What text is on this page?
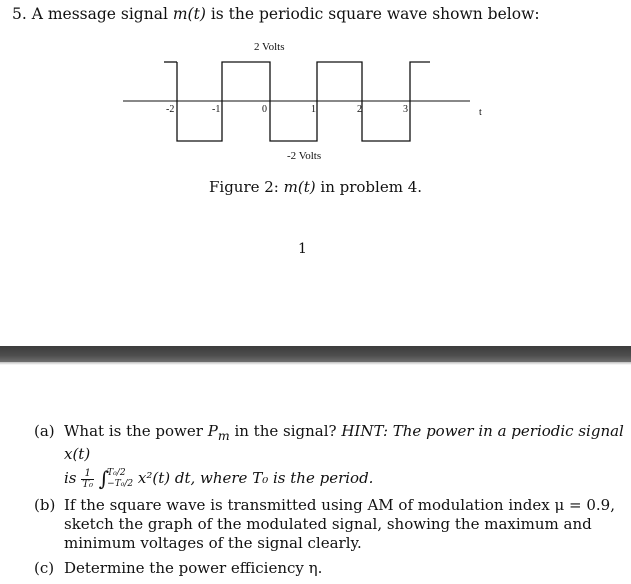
5. A message signal m(t) is the periodic square wave shown below:
-2	-1	0	1	2	3	t
2 Volts
-2 Volts
Figure 2: m(t) in problem 4.
1
(a) What is the power $P_m$ in the signal? HINT: The power in a periodic signal x(t)
is $\frac{1}{\text{T₀}}$ ∫
T₀/2
−T₀/2 x²(t) dt, where T₀ is the period.
(b) If the square wave is transmitted using AM of modulation index μ = 0.9, sketch the graph of the modulated signal, showing the maximum and minimum voltages of the signal clearly.
(c) Determine the power efficiency η.
